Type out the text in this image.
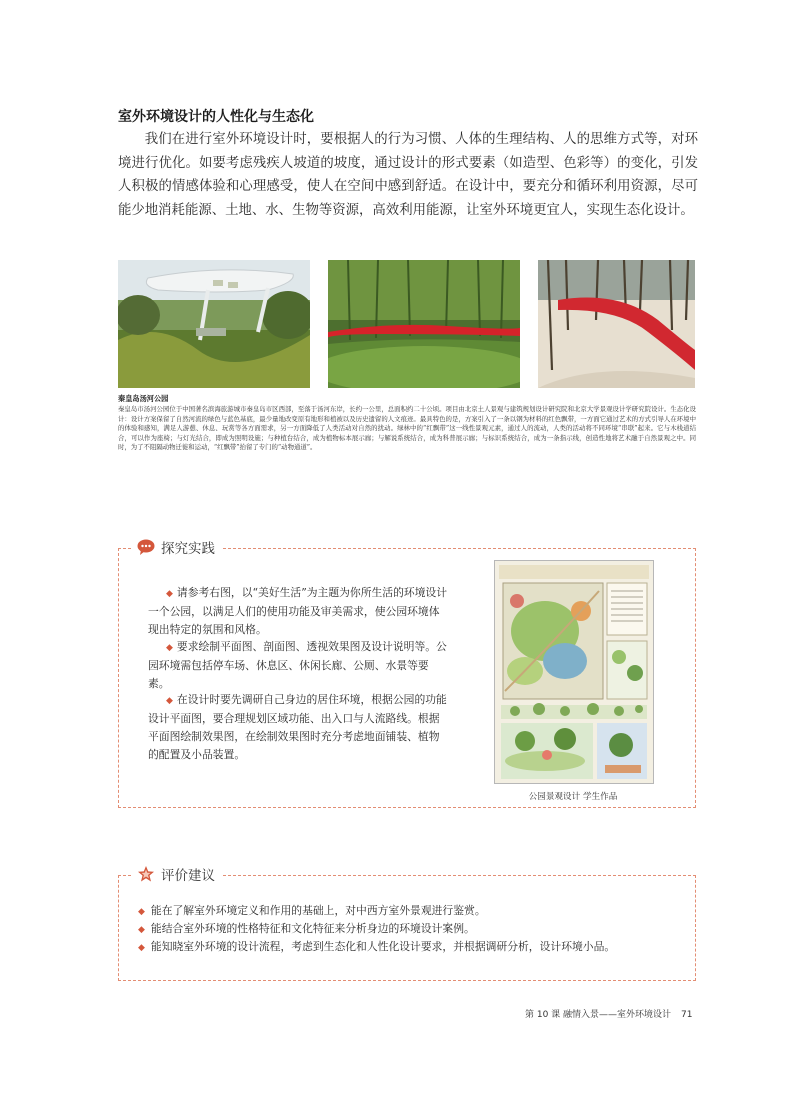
室外环境设计的人性化与生态化
我们在进行室外环境设计时，要根据人的行为习惯、人体的生理结构、人的思维方式等，对环境进行优化。如要考虑残疾人坡道的坡度，通过设计的形式要素（如造型、色彩等）的变化，引发人积极的情感体验和心理感受，使人在空间中感到舒适。在设计中，要充分和循环利用资源，尽可能少地消耗能源、土地、水、生物等资源，高效利用能源，让室外环境更宜人，实现生态化设计。
秦皇岛汤河公园
秦皇岛市汤河公园位于中国著名滨海旅游城市秦皇岛市区西部，至落于汤河东岸，长约一公里，总面积约二十公顷。项目由北京土人景观与建筑规划设计研究院和北京大学景观设计学研究院设计。生态化设计：设计方案保留了自然河流的绿色与蓝色基底，最少量地改变原有地形和植被以及历史遗留的人文痕迹。最具特色的是，方案引入了一条以钢为材料的红色飘带，一方面它通过艺术的方式引导人在环境中的体验和感知，满足人游憩、休息、玩赏等各方面需求，另一方面降低了人类活动对自然的扰动。绿林中的“红飘带”这一线性景观元素，通过人的流动，人类的活动将不同环境“串联”起来。它与木栈道结合，可以作为座椅；与灯光结合，即成为照明设施；与种植台结合，成为植物标本展示廊；与解说系统结合，成为科普展示廊；与标识系统结合，成为一条指示线，创造性地将艺术融于自然景观之中。同时，为了不阻隔动物迁徙和运动，“红飘带”抬留了专门的“动物通道”。
探究实践
◆ 请参考右图，以“美好生活”为主题为你所生活的环境设计一个公园，以满足人们的使用功能及审美需求，使公园环境体现出特定的氛围和风格。
◆ 要求绘制平面图、剖面图、透视效果图及设计说明等。公园环境需包括停车场、休息区、休闲长廊、公厕、水景等要素。
◆ 在设计时要先调研自己身边的居住环境，根据公园的功能设计平面图，要合理规划区域功能、出入口与人流路线。根据平面图绘制效果图，在绘制效果图时充分考虑地面铺装、植物的配置及小品装置。
公园景观设计 学生作品
评价建议
◆ 能在了解室外环境定义和作用的基础上，对中西方室外景观进行鉴赏。
◆ 能结合室外环境的性格特征和文化特征来分析身边的环境设计案例。
◆ 能知晓室外环境的设计流程，考虑到生态化和人性化设计要求，并根据调研分析，设计环境小品。
第 10 课 融情入景——室外环境设计 71
